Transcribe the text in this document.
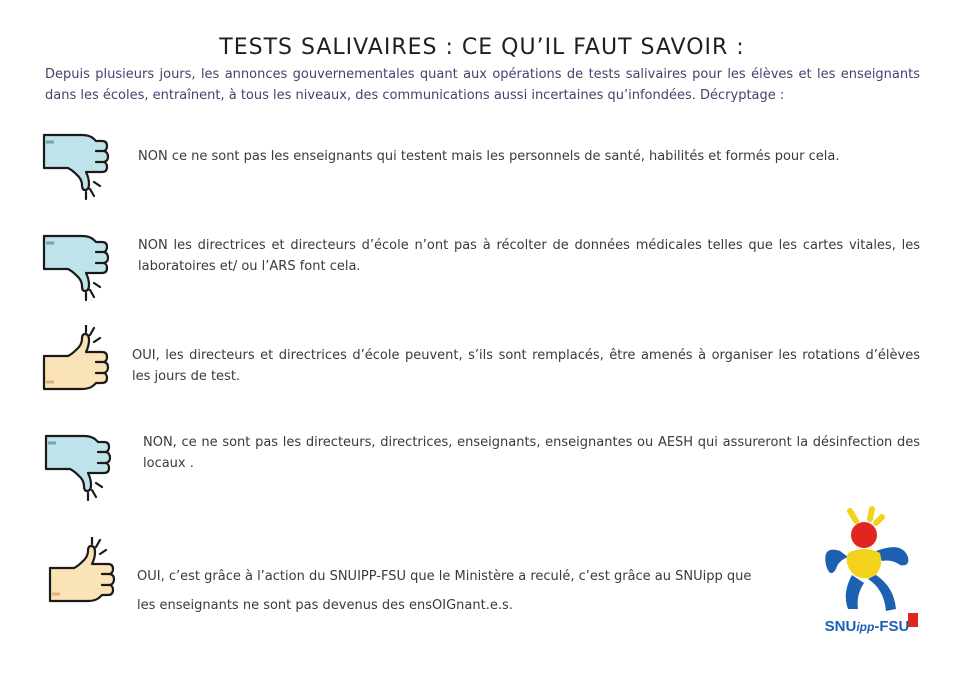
TESTS SALIVAIRES : CE QU’IL FAUT SAVOIR :
Depuis plusieurs jours, les annonces gouvernementales quant aux opérations de tests salivaires pour les élèves et les enseignants dans les écoles, entraînent, à tous les niveaux, des communications aussi incertaines qu’infondées. Décryptage :
NON ce ne sont pas les enseignants qui testent mais les personnels de santé, habilités et formés pour cela.
NON les directrices et directeurs d’école n’ont pas à récolter de données médicales telles que les cartes vitales, les laboratoires et/ ou l’ARS font cela.
OUI, les directeurs et directrices d’école peuvent, s’ils sont remplacés, être amenés à organiser les rotations d’élèves les jours de test.
NON, ce ne sont pas les directeurs, directrices, enseignants, enseignantes ou AESH qui assureront la désinfection des locaux .
OUI, c’est grâce à l’action du SNUIPP-FSU que le Ministère a reculé, c’est grâce au SNUipp que les enseignants ne sont pas devenus des ensOIGnant.e.s.
SNUipp-FSU
